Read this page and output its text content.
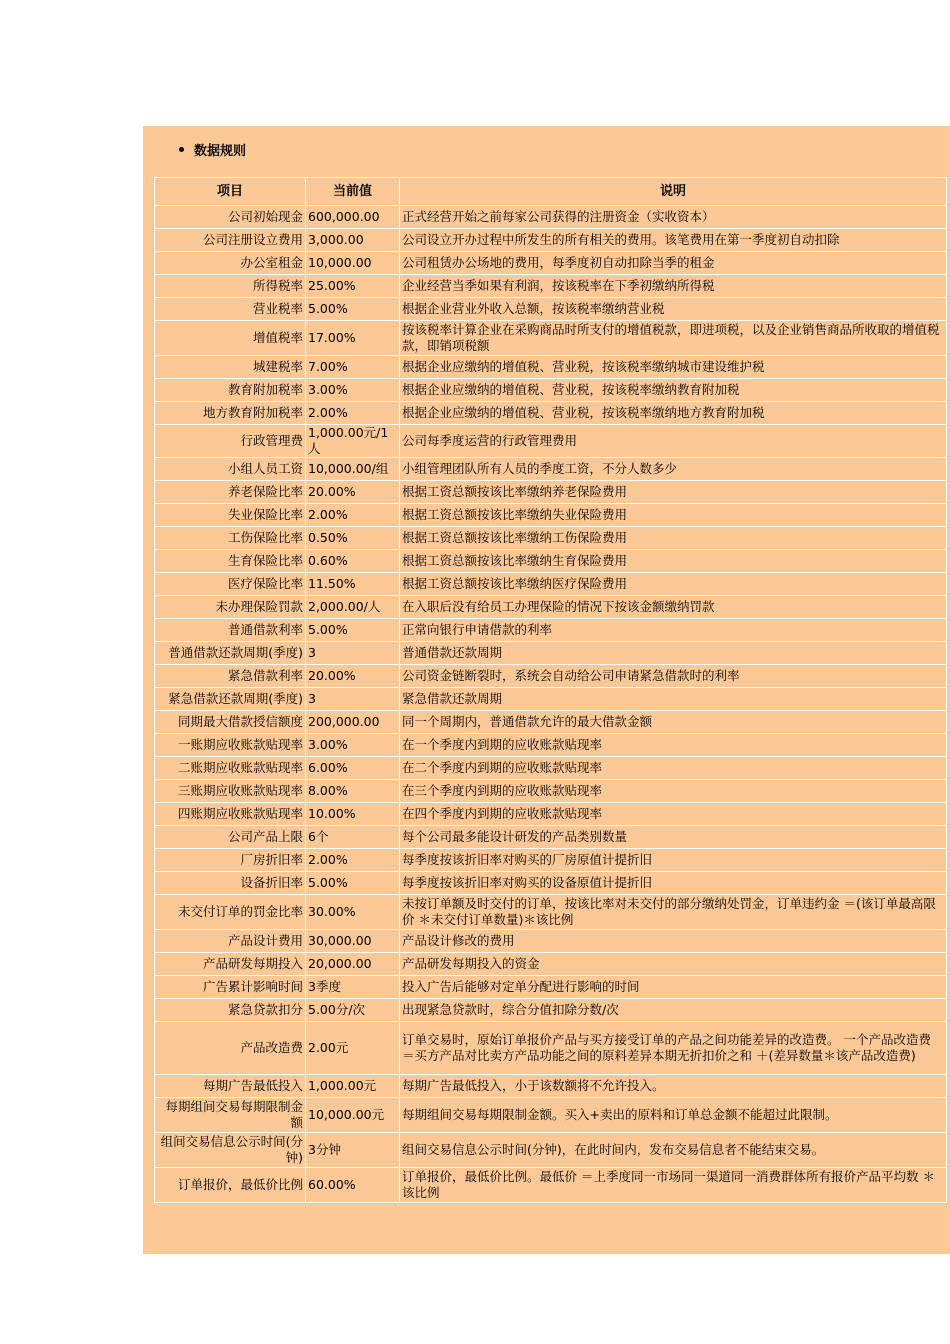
数据规则
项目	当前值	说明
公司初始现金	600,000.00	正式经营开始之前每家公司获得的注册资金（实收资本）
公司注册设立费用	3,000.00	公司设立开办过程中所发生的所有相关的费用。该笔费用在第一季度初自动扣除
办公室租金	10,000.00	公司租赁办公场地的费用，每季度初自动扣除当季的租金
所得税率	25.00%	企业经营当季如果有利润，按该税率在下季初缴纳所得税
营业税率	5.00%	根据企业营业外收入总额，按该税率缴纳营业税
增值税率	17.00%	按该税率计算企业在采购商品时所支付的增值税款，即进项税，以及企业销售商品所收取的增值税款，即销项税额
城建税率	7.00%	根据企业应缴纳的增值税、营业税，按该税率缴纳城市建设维护税
教育附加税率	3.00%	根据企业应缴纳的增值税、营业税，按该税率缴纳教育附加税
地方教育附加税率	2.00%	根据企业应缴纳的增值税、营业税，按该税率缴纳地方教育附加税
行政管理费	1,000.00元/1人	公司每季度运营的行政管理费用
小组人员工资	10,000.00/组	小组管理团队所有人员的季度工资，不分人数多少
养老保险比率	20.00%	根据工资总额按该比率缴纳养老保险费用
失业保险比率	2.00%	根据工资总额按该比率缴纳失业保险费用
工伤保险比率	0.50%	根据工资总额按该比率缴纳工伤保险费用
生育保险比率	0.60%	根据工资总额按该比率缴纳生育保险费用
医疗保险比率	11.50%	根据工资总额按该比率缴纳医疗保险费用
未办理保险罚款	2,000.00/人	在入职后没有给员工办理保险的情况下按该金额缴纳罚款
普通借款利率	5.00%	正常向银行申请借款的利率
普通借款还款周期(季度)	3	普通借款还款周期
紧急借款利率	20.00%	公司资金链断裂时，系统会自动给公司申请紧急借款时的利率
紧急借款还款周期(季度)	3	紧急借款还款周期
同期最大借款授信额度	200,000.00	同一个周期内，普通借款允许的最大借款金额
一账期应收账款贴现率	3.00%	在一个季度内到期的应收账款贴现率
二账期应收账款贴现率	6.00%	在二个季度内到期的应收账款贴现率
三账期应收账款贴现率	8.00%	在三个季度内到期的应收账款贴现率
四账期应收账款贴现率	10.00%	在四个季度内到期的应收账款贴现率
公司产品上限	6个	每个公司最多能设计研发的产品类别数量
厂房折旧率	2.00%	每季度按该折旧率对购买的厂房原值计提折旧
设备折旧率	5.00%	每季度按该折旧率对购买的设备原值计提折旧
未交付订单的罚金比率	30.00%	未按订单额及时交付的订单，按该比率对未交付的部分缴纳处罚金，订单违约金 ＝(该订单最高限价 ＊未交付订单数量)＊该比例
产品设计费用	30,000.00	产品设计修改的费用
产品研发每期投入	20,000.00	产品研发每期投入的资金
广告累计影响时间	3季度	投入广告后能够对定单分配进行影响的时间
紧急贷款扣分	5.00分/次	出现紧急贷款时，综合分值扣除分数/次
产品改造费	2.00元	订单交易时，原始订单报价产品与买方接受订单的产品之间功能差异的改造费。 一个产品改造费 ＝买方产品对比卖方产品功能之间的原料差异本期无折扣价之和 ＋(差异数量＊该产品改造费)
每期广告最低投入	1,000.00元	每期广告最低投入，小于该数额将不允许投入。
每期组间交易每期限制金额	10,000.00元	每期组间交易每期限制金额。买入+卖出的原料和订单总金额不能超过此限制。
组间交易信息公示时间(分钟)	3分钟	组间交易信息公示时间(分钟)，在此时间内，发布交易信息者不能结束交易。
订单报价，最低价比例	60.00%	订单报价，最低价比例。最低价 ＝上季度同一市场同一渠道同一消费群体所有报价产品平均数 ＊该比例
